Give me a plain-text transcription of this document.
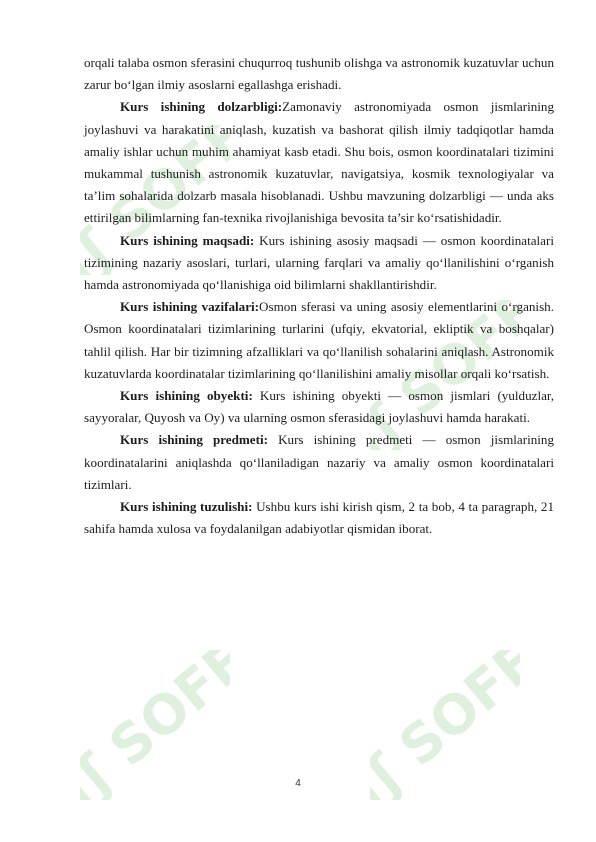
ʃʃ SOFF
ʃʃ SOFF
ʃʃ SOFF
ʃʃ SOFF

orqali talaba osmon sferasini chuqurroq tushunib olishga va astronomik kuzatuvlar uchun zarur bo‘lgan ilmiy asoslarni egallashga erishadi.

Kurs ishining dolzarbligi:Zamonaviy astronomiyada osmon jismlarining joylashuvi va harakatini aniqlash, kuzatish va bashorat qilish ilmiy tadqiqotlar hamda amaliy ishlar uchun muhim ahamiyat kasb etadi. Shu bois, osmon koordinatalari tizimini mukammal tushunish astronomik kuzatuvlar, navigatsiya, kosmik texnologiyalar va ta’lim sohalarida dolzarb masala hisoblanadi. Ushbu mavzuning dolzarbligi — unda aks ettirilgan bilimlarning fan-texnika rivojlanishiga bevosita ta’sir ko‘rsatishidadir.

Kurs ishining maqsadi: Kurs ishining asosiy maqsadi — osmon koordinatalari tizimining nazariy asoslari, turlari, ularning farqlari va amaliy qo‘llanilishini o‘rganish hamda astronomiyada qo‘llanishiga oid bilimlarni shakllantirishdir.

Kurs ishining vazifalari:Osmon sferasi va uning asosiy elementlarini o‘rganish. Osmon koordinatalari tizimlarining turlarini (ufqiy, ekvatorial, ekliptik va boshqalar) tahlil qilish. Har bir tizimning afzalliklari va qo‘llanilish sohalarini aniqlash. Astronomik kuzatuvlarda koordinatalar tizimlarining qo‘llanilishini amaliy misollar orqali ko‘rsatish.

Kurs ishining obyekti: Kurs ishining obyekti — osmon jismlari (yulduzlar, sayyoralar, Quyosh va Oy) va ularning osmon sferasidagi joylashuvi hamda harakati.

Kurs ishining predmeti: Kurs ishining predmeti — osmon jismlarining koordinatalarini aniqlashda qo‘llaniladigan nazariy va amaliy osmon koordinatalari tizimlari.

Kurs ishining tuzulishi: Ushbu kurs ishi kirish qism, 2 ta bob, 4 ta paragraph, 21 sahifa hamda xulosa va foydalanilgan adabiyotlar qismidan iborat.

4
